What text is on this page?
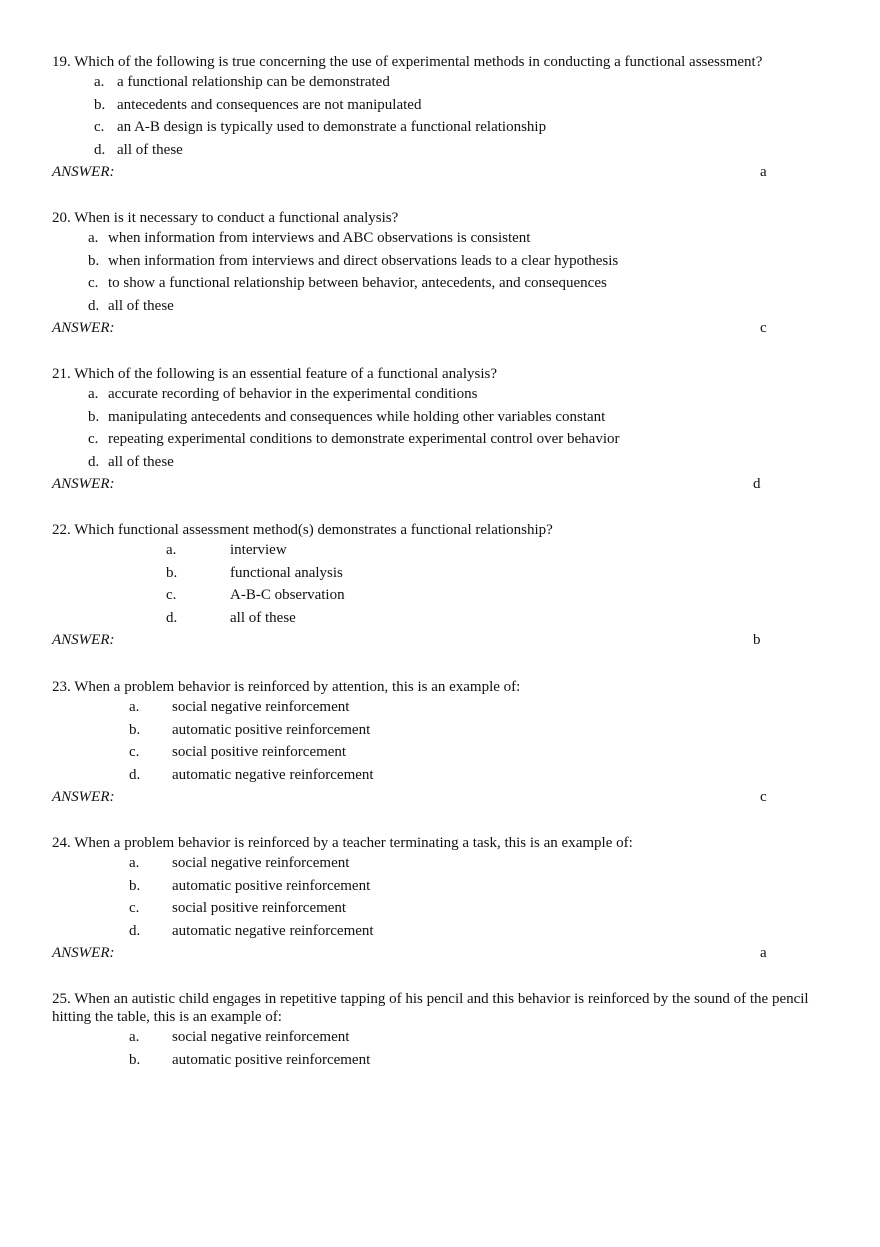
19. Which of the following is true concerning the use of experimental methods in conducting a functional assessment?
a. a functional relationship can be demonstrated
b. antecedents and consequences are not manipulated
c. an A-B design is typically used to demonstrate a functional relationship
d. all of these
ANSWER:	a
20. When is it necessary to conduct a functional analysis?
a. when information from interviews and ABC observations is consistent
b. when information from interviews and direct observations leads to a clear hypothesis
c. to show a functional relationship between behavior, antecedents, and consequences
d. all of these
ANSWER:	c
21. Which of the following is an essential feature of a functional analysis?
a. accurate recording of behavior in the experimental conditions
b. manipulating antecedents and consequences while holding other variables constant
c. repeating experimental conditions to demonstrate experimental control over behavior
d. all of these
ANSWER:	d
22. Which functional assessment method(s) demonstrates a functional relationship?
a.	interview
b.	functional analysis
c.	A-B-C observation
d.	all of these
ANSWER:	b
23. When a problem behavior is reinforced by attention, this is an example of:
a. social negative reinforcement
b. automatic positive reinforcement
c. social positive reinforcement
d. automatic negative reinforcement
ANSWER:	c
24. When a problem behavior is reinforced by a teacher terminating a task, this is an example of:
a. social negative reinforcement
b. automatic positive reinforcement
c. social positive reinforcement
d. automatic negative reinforcement
ANSWER:	a
25. When an autistic child engages in repetitive tapping of his pencil and this behavior is reinforced by the sound of the pencil hitting the table, this is an example of:
a. social negative reinforcement
b. automatic positive reinforcement
